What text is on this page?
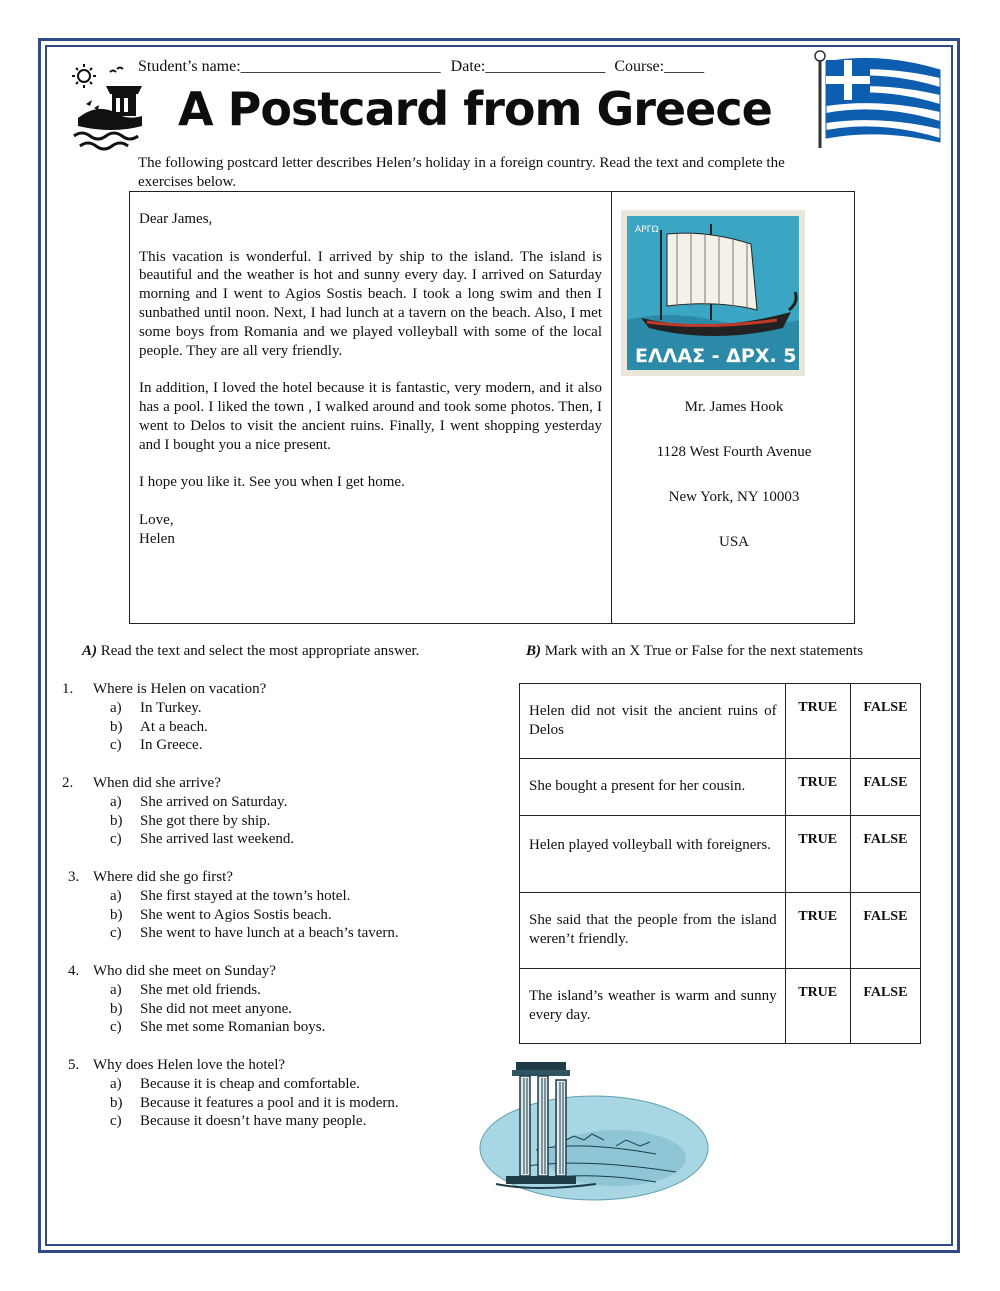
Student’s name:_________________________ Date:_______________ Course:_____
A Postcard from Greece
The following postcard letter describes Helen’s holiday in a foreign country. Read the text and complete the exercises below.

Dear James,

This vacation is wonderful. I arrived by ship to the island. The island is beautiful and the weather is hot and sunny every day. I arrived on Saturday morning and I went to Agios Sostis beach. I took a long swim and then I sunbathed until noon. Next, I had lunch at a tavern on the beach. Also, I met some boys from Romania and we played volleyball with some of the local people. They are all very friendly.

In addition, I loved the hotel because it is fantastic, very modern, and it also has a pool. I liked the town , I walked around and took some photos. Then, I went to Delos to visit the ancient ruins. Finally, I went shopping yesterday and I bought you a nice present.

I hope you like it. See you when I get home.

Love,

Helen

ΑΡΓΩ
ΕΛΛΑΣ - ΔΡΧ. 5
Mr. James Hook
1128 West Fourth Avenue
New York, NY 10003
USA
A) Read the text and select the most appropriate answer.	B) Mark with an X True or False for the next statements
1.	Where is Helen on vacation?
a)	In Turkey.
b)	At a beach.
c)	In Greece.
2.	When did she arrive?
a)	She arrived on Saturday.
b)	She got there by ship.
c)	She arrived last weekend.
3. Where did she go first?
a)	She first stayed at the town’s hotel.
b)	She went to Agios Sostis beach.
c)	She went to have lunch at a beach’s tavern.
4. Who did she meet on Sunday?
a)	She met old friends.
b)	She did not meet anyone.
c)	She met some Romanian boys.
5. Why does Helen love the hotel?
a)	Because it is cheap and comfortable.
b)	Because it features a pool and it is modern.
c)	Because it doesn’t have many people.
Helen did not visit the ancient ruins of Delos	TRUE	FALSE
She bought a present for her cousin.	TRUE	FALSE
Helen played volleyball with foreigners.	TRUE	FALSE
She said that the people from the island weren’t friendly.	TRUE	FALSE
The island’s weather is warm and sunny every day.	TRUE	FALSE
